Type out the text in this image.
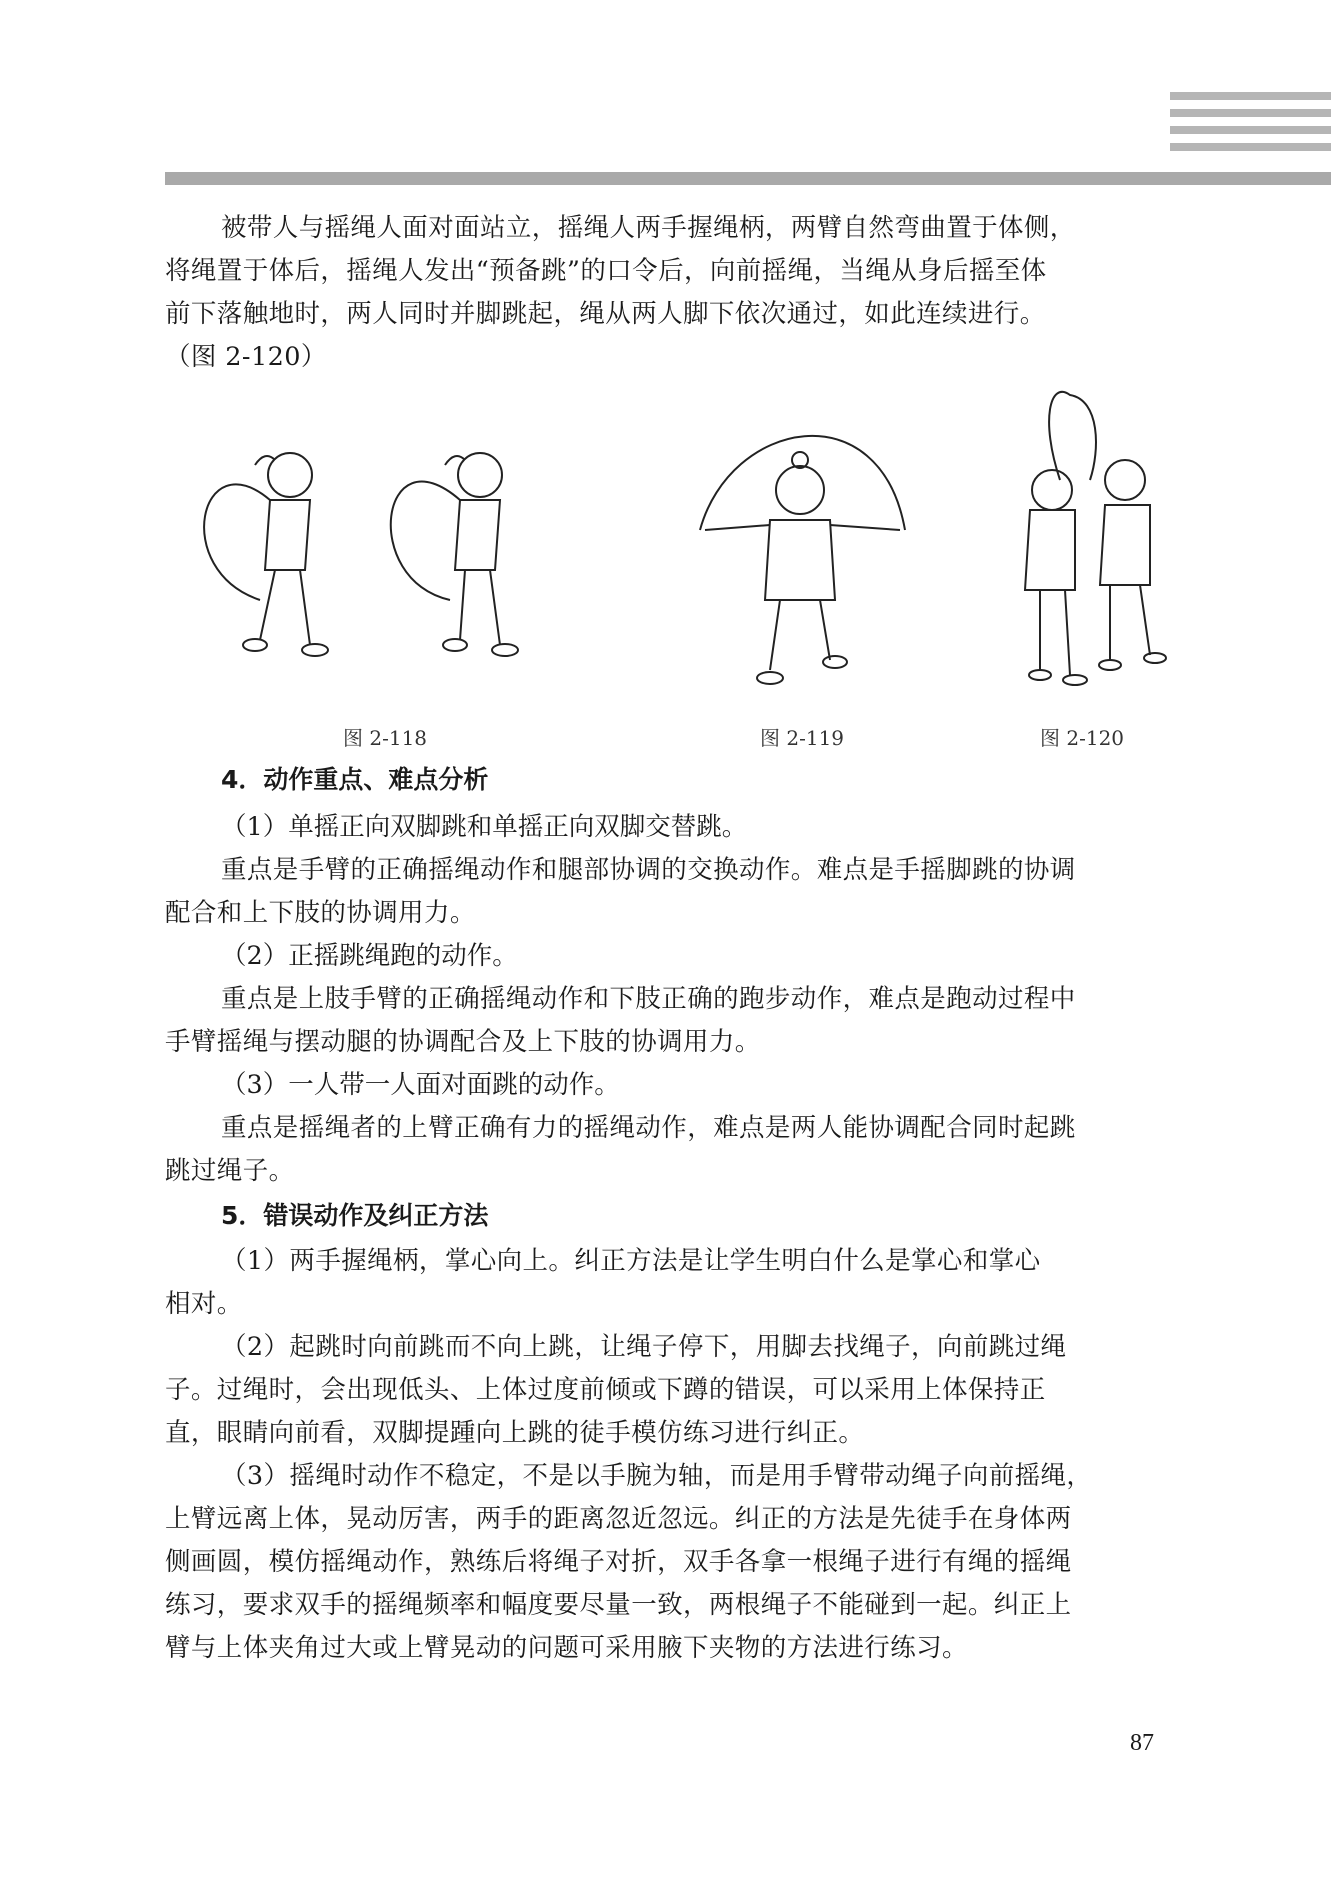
被带人与摇绳人面对面站立，摇绳人两手握绳柄，两臂自然弯曲置于体侧，

将绳置于体后，摇绳人发出“预备跳”的口令后，向前摇绳，当绳从身后摇至体

前下落触地时，两人同时并脚跳起，绳从两人脚下依次通过，如此连续进行。

（图 2-120）

图 2-118	图 2-119	图 2-120

4．动作重点、难点分析

（1）单摇正向双脚跳和单摇正向双脚交替跳。

重点是手臂的正确摇绳动作和腿部协调的交换动作。难点是手摇脚跳的协调

配合和上下肢的协调用力。

（2）正摇跳绳跑的动作。

重点是上肢手臂的正确摇绳动作和下肢正确的跑步动作，难点是跑动过程中

手臂摇绳与摆动腿的协调配合及上下肢的协调用力。

（3）一人带一人面对面跳的动作。

重点是摇绳者的上臂正确有力的摇绳动作，难点是两人能协调配合同时起跳

跳过绳子。

5．错误动作及纠正方法

（1）两手握绳柄，掌心向上。纠正方法是让学生明白什么是掌心和掌心

相对。

（2）起跳时向前跳而不向上跳，让绳子停下，用脚去找绳子，向前跳过绳

子。过绳时，会出现低头、上体过度前倾或下蹲的错误，可以采用上体保持正

直，眼睛向前看，双脚提踵向上跳的徒手模仿练习进行纠正。

（3）摇绳时动作不稳定，不是以手腕为轴，而是用手臂带动绳子向前摇绳，

上臂远离上体，晃动厉害，两手的距离忽近忽远。纠正的方法是先徒手在身体两

侧画圆，模仿摇绳动作，熟练后将绳子对折，双手各拿一根绳子进行有绳的摇绳

练习，要求双手的摇绳频率和幅度要尽量一致，两根绳子不能碰到一起。纠正上

臂与上体夹角过大或上臂晃动的问题可采用腋下夹物的方法进行练习。

87
